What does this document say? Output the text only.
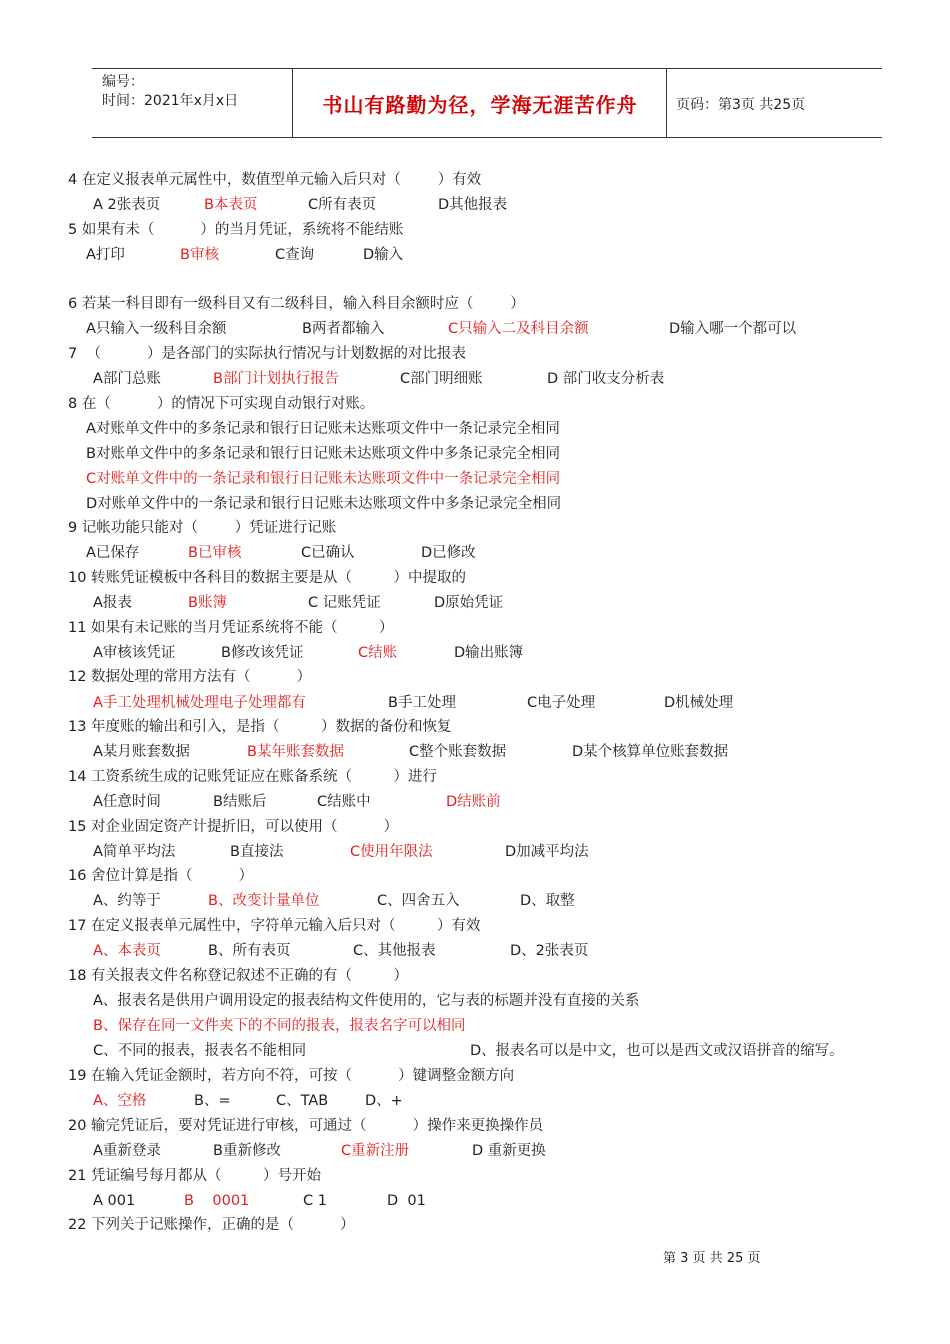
编号：
时间：2021年x月x日	书山有路勤为径，学海无涯苦作舟	页码：第3页 共25页
4 在定义报表单元属性中，数值型单元输入后只对（        ）有效
A 2张表页	B本表页	C所有表页	D其他报表
5 如果有未（          ）的当月凭证，系统将不能结账
A打印	B审核	C查询	D输入
6 若某一科目即有一级科目又有二级科目，输入科目余额时应（        ）
A只输入一级科目余额	B两者都输入	C只输入二及科目余额	D输入哪一个都可以
7  （          ）是各部门的实际执行情况与计划数据的对比报表
A部门总账	B部门计划执行报告	C部门明细账	D 部门收支分析表
8 在（          ）的情况下可实现自动银行对账。
A对账单文件中的多条记录和银行日记账未达账项文件中一条记录完全相同
B对账单文件中的多条记录和银行日记账未达账项文件中多条记录完全相同
C对账单文件中的一条记录和银行日记账未达账项文件中一条记录完全相同
D对账单文件中的一条记录和银行日记账未达账项文件中多条记录完全相同
9 记帐功能只能对（        ）凭证进行记账
A已保存	B已审核	C已确认	D已修改
10 转账凭证模板中各科目的数据主要是从（         ）中提取的
A报表	B账簿	C 记账凭证	D原始凭证
11 如果有未记账的当月凭证系统将不能（         ）
A审核该凭证	B修改该凭证	C结账	D输出账簿
12 数据处理的常用方法有（          ）
A手工处理机械处理电子处理都有	B手工处理	C电子处理	D机械处理
13 年度账的输出和引入，是指（         ）数据的备份和恢复
A某月账套数据	B某年账套数据	C整个账套数据	D某个核算单位账套数据
14 工资系统生成的记账凭证应在账备系统（         ）进行
A任意时间	B结账后	C结账中	D结账前
15 对企业固定资产计提折旧，可以使用（          ）
A简单平均法	B直接法	C使用年限法	D加减平均法
16 舍位计算是指（          ）
A、约等于	B、改变计量单位	C、四舍五入	D、取整
17 在定义报表单元属性中，字符单元输入后只对（         ）有效
A、本表页	B、所有表页	C、其他报表	D、2张表页
18 有关报表文件名称登记叙述不正确的有（         ）
A、报表名是供用户调用设定的报表结构文件使用的，它与表的标题并没有直接的关系
B、保存在同一文件夹下的不同的报表，报表名字可以相同
C、不同的报表，报表名不能相同	D、报表名可以是中文，也可以是西文或汉语拼音的缩写。
19 在输入凭证金额时，若方向不符，可按（          ）键调整金额方向
A、空格	B、=	C、TAB	D、+
20 输完凭证后，要对凭证进行审核，可通过（          ）操作来更换操作员
A重新登录	B重新修改	C重新注册	D 重新更换
21 凭证编号每月都从（         ）号开始
A 001	B    0001	C 1	D  01
22 下列关于记账操作，正确的是（          ）
第 3 页 共 25 页
